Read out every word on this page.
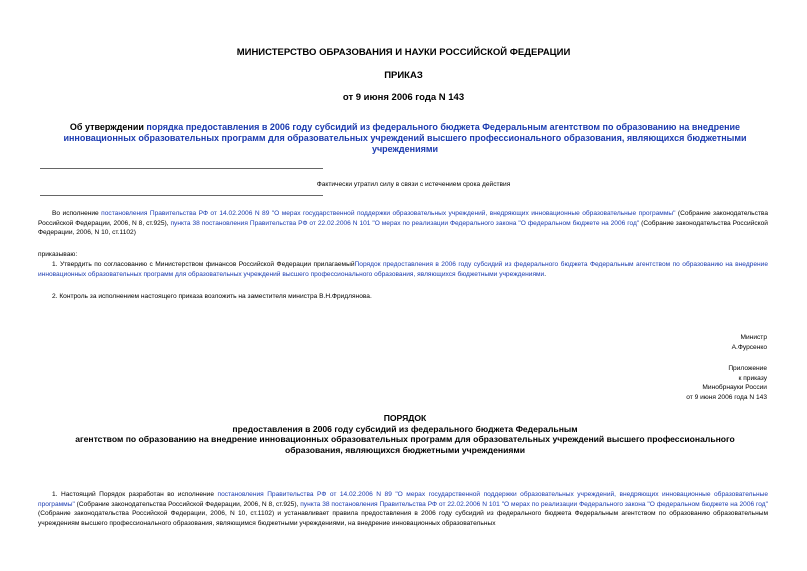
МИНИСТЕРСТВО ОБРАЗОВАНИЯ И НАУКИ РОССИЙСКОЙ ФЕДЕРАЦИИ
ПРИКАЗ
от 9 июня 2006 года N 143
Об утверждении порядка предоставления в 2006 году субсидий из федерального бюджета Федеральным агентством по образованию на внедрение инновационных образовательных программ для образовательных учреждений высшего профессионального образования, являющихся бюджетными учреждениями
Фактически утратил силу в связи с истечением срока действия
Во исполнение постановления Правительства РФ от 14.02.2006 N 89 "О мерах государственной поддержки образовательных учреждений, внедряющих инновационные образовательные программы" (Собрание законодательства Российской Федерации, 2006, N 8, ст.925), пункта 38 постановления Правительства РФ от 22.02.2006 N 101 "О мерах по реализации Федерального закона "О федеральном бюджете на 2006 год" (Собрание законодательства Российской Федерации, 2006, N 10, ст.1102)
приказываю:
1. Утвердить по согласованию с Министерством финансов Российской Федерации прилагаемыйПорядок предоставления в 2006 году субсидий из федерального бюджета Федеральным агентством по образованию на внедрение инновационных образовательных программ для образовательных учреждений высшего профессионального образования, являющихся бюджетными учреждениями.
2. Контроль за исполнением настоящего приказа возложить на заместителя министра В.Н.Фридлянова.
Министр
А.Фурсенко
Приложение
к приказу
Минобрнауки России
от 9 июня 2006 года N 143
ПОРЯДОК
предоставления в 2006 году субсидий из федерального бюджета Федеральным
агентством по образованию на внедрение инновационных образовательных программ для образовательных учреждений высшего профессионального
образования, являющихся бюджетными учреждениями
1. Настоящий Порядок разработан во исполнение постановления Правительства РФ от 14.02.2006 N 89 "О мерах государственной поддержки образовательных учреждений, внедряющих инновационные образовательные программы" (Собрание законодательства Российской Федерации, 2006, N 8, ст.925), пункта 38 постановления Правительства РФ от 22.02.2006 N 101 "О мерах по реализации Федерального закона "О федеральном бюджете на 2006 год" (Собрание законодательства Российской Федерации, 2006, N 10, ст.1102) и устанавливает правила предоставления в 2006 году субсидий из федерального бюджета Федеральным агентством по образованию образовательным учреждениям высшего профессионального образования, являющимся бюджетными учреждениями, на внедрение инновационных образовательных
